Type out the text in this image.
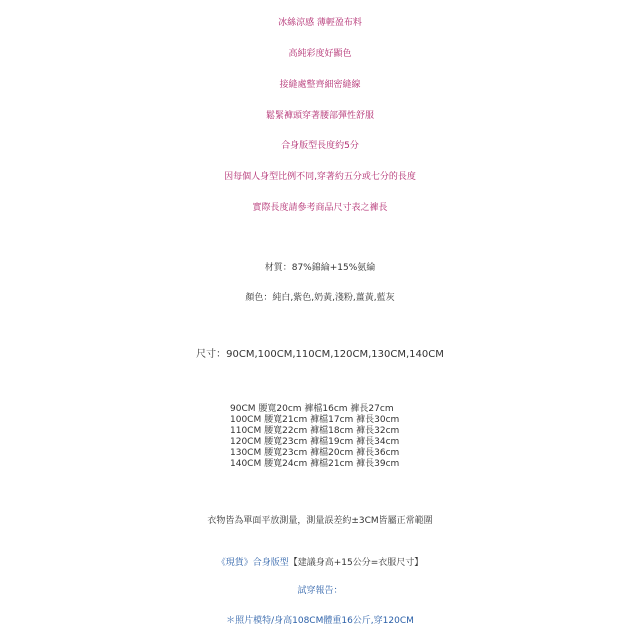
冰絲涼感 薄輕盈布料
高純彩度好顯色
接縫處整齊細密縫線
鬆緊褲頭穿著腰部彈性舒服
合身版型長度約5分
因每個人身型比例不同,穿著約五分或七分的長度
實際長度請參考商品尺寸表之褲長
材質：87%錦綸+15%氨綸
顏色：純白,紫色,奶黃,淺粉,薑黃,藍灰
尺寸：90CM,100CM,110CM,120CM,130CM,140CM
90CM 腰寬20cm 褲檔16cm 褲長27cm
100CM 腰寬21cm 褲檔17cm 褲長30cm
110CM 腰寬22cm 褲檔18cm 褲長32cm
120CM 腰寬23cm 褲檔19cm 褲長34cm
130CM 腰寬23cm 褲檔20cm 褲長36cm
140CM 腰寬24cm 褲檔21cm 褲長39cm
衣物皆為單面平放測量，測量誤差約±3CM皆屬正常範圍
《現貨》合身版型【建議身高+15公分=衣服尺寸】
試穿報告：
＊照片模特/身高108CM體重16公斤,穿120CM
